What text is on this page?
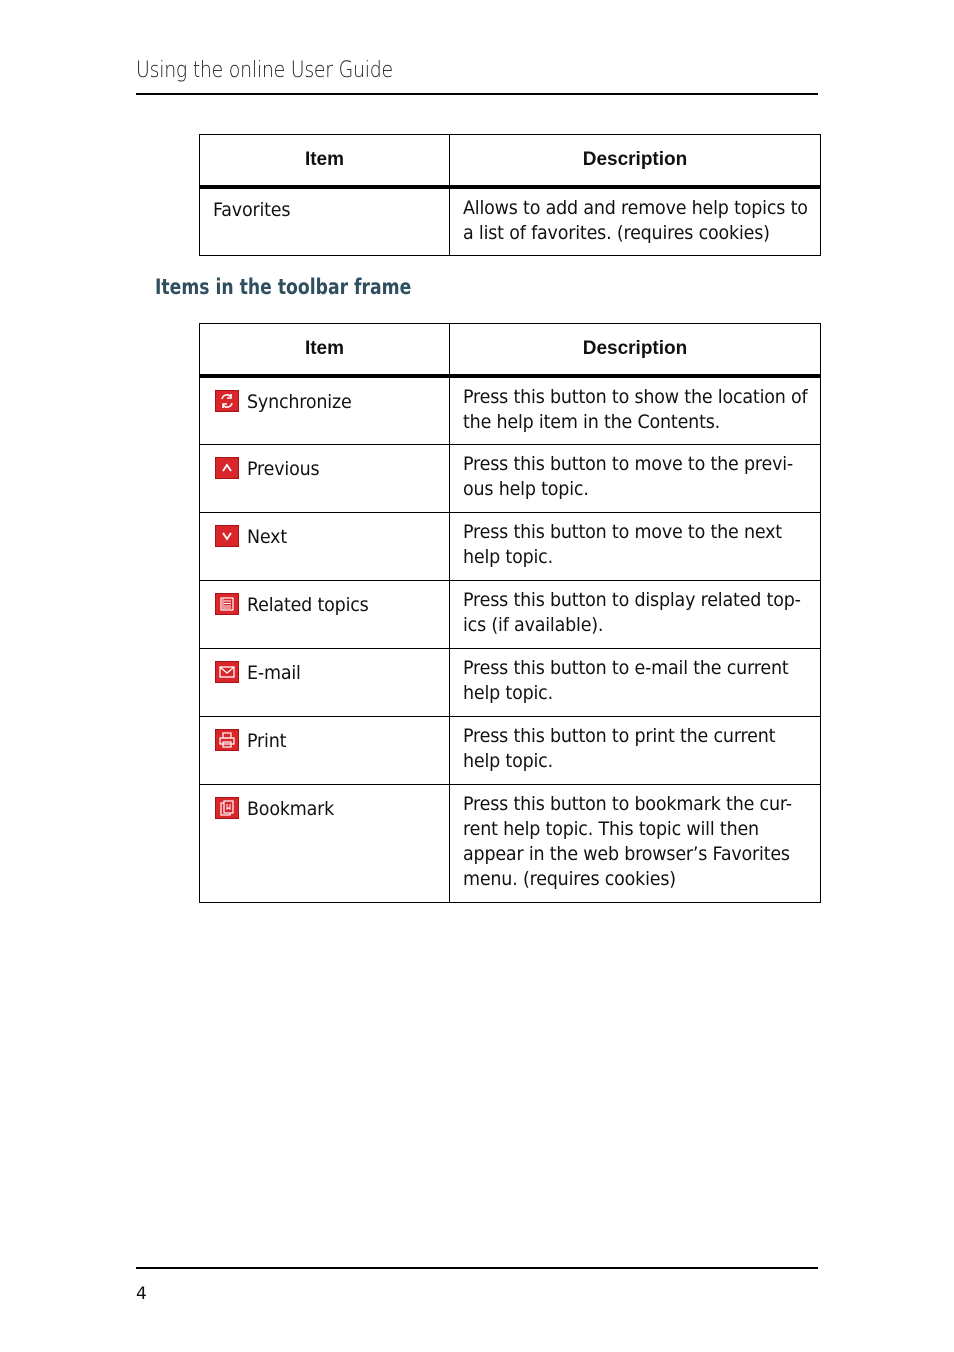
Using the online User Guide
Item	Description
Favorites	Allows to add and remove help topics to
a list of favorites. (requires cookies)
Items in the toolbar frame
Item	Description

Synchronize	Press this button to show the location of
the help item in the Contents.

Previous	Press this button to move to the previ-
ous help topic.

Next	Press this button to move to the next
help topic.

Related topics	Press this button to display related top-
ics (if available).

E-mail	Press this button to e-mail the current
help topic.

Print	Press this button to print the current
help topic.

Bookmark	Press this button to bookmark the cur-
rent help topic. This topic will then
appear in the web browser’s Favorites
menu. (requires cookies)
4
